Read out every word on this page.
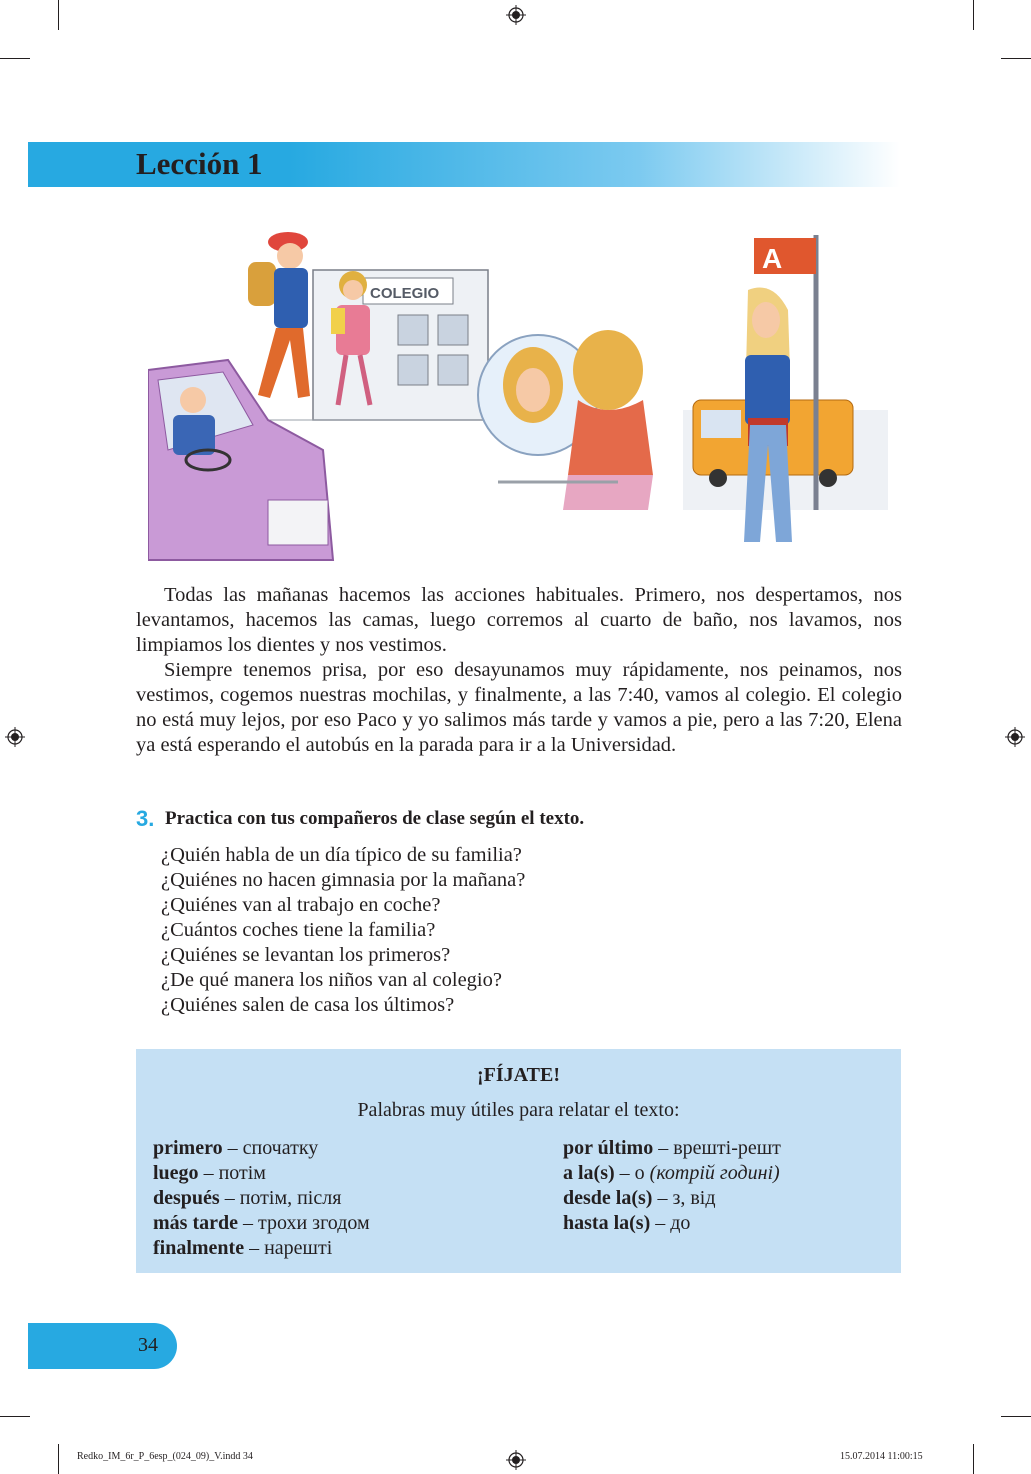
Lección 1
COLEGIO
A

Todas las mañanas hacemos las acciones habituales. Primero, nos despertamos, nos levantamos, hacemos las camas, luego corremos al cuarto de baño, nos lavamos, nos limpiamos los dientes y nos vestimos.

Siempre tenemos prisa, por eso desayunamos muy rápidamente, nos peinamos, nos vestimos, cogemos nuestras mochilas, y finalmente, a las 7:40, vamos al colegio. El colegio no está muy lejos, por eso Paco y yo salimos más tarde y vamos a pie, pero a las 7:20, Elena ya está esperando el autobús en la parada para ir a la Universidad.

3. Practica con tus compañeros de clase según el texto.
¿Quién habla de un día típico de su familia?
¿Quiénes no hacen gimnasia por la mañana?
¿Quiénes van al trabajo en coche?
¿Cuántos coches tiene la familia?
¿Quiénes se levantan los primeros?
¿De qué manera los niños van al colegio?
¿Quiénes salen de casa los últimos?
¡FÍJATE!
Palabras muy útiles para relatar el texto:
primero – спочатку
luego – потім
después – потім, після
más tarde – трохи згодом
finalmente – нарешті
por último – врешті-решт
a la(s) – о (котрій годині)
desde la(s) – з, від
hasta la(s) – до
34
Redko_IM_6r_P_6esp_(024_09)_V.indd 34	15.07.2014 11:00:15
